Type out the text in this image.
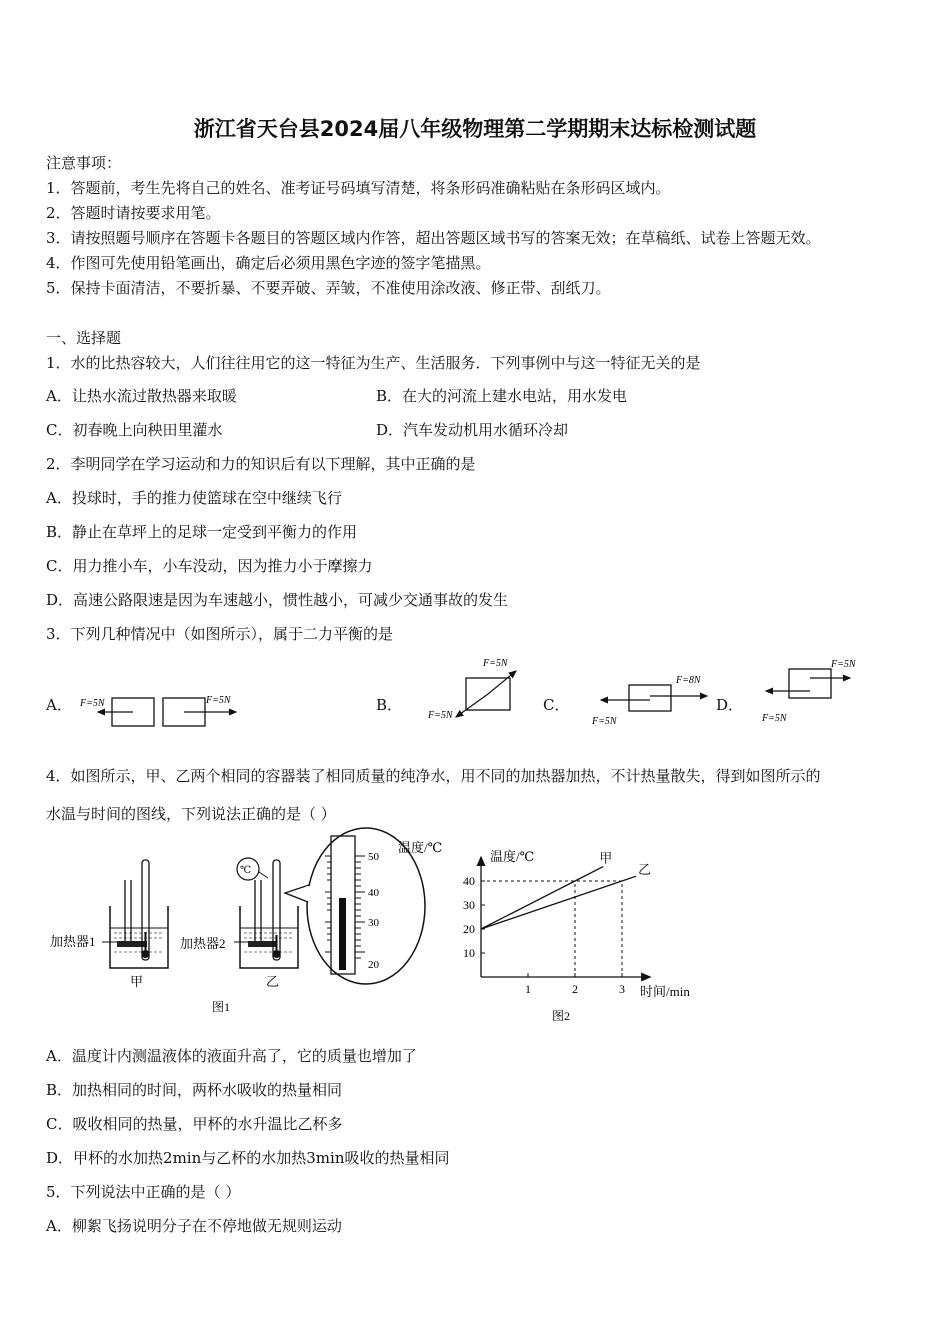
浙江省天台县2024届八年级物理第二学期期末达标检测试题
注意事项：
1．答题前，考生先将自己的姓名、准考证号码填写清楚，将条形码准确粘贴在条形码区域内。
2．答题时请按要求用笔。
3．请按照题号顺序在答题卡各题目的答题区域内作答，超出答题区域书写的答案无效；在草稿纸、试卷上答题无效。
4．作图可先使用铅笔画出，确定后必须用黑色字迹的签字笔描黑。
5．保持卡面清洁，不要折暴、不要弄破、弄皱，不准使用涂改液、修正带、刮纸刀。
一、选择题
1．水的比热容较大，人们往往用它的这一特征为生产、生活服务．下列事例中与这一特征无关的是
A．让热水流过散热器来取暖	B．在大的河流上建水电站，用水发电
C．初春晚上向秧田里灌水	D．汽车发动机用水循环冷却
2．李明同学在学习运动和力的知识后有以下理解，其中正确的是
A．投球时，手的推力使篮球在空中继续飞行
B．静止在草坪上的足球一定受到平衡力的作用
C．用力推小车，小车没动，因为推力小于摩擦力
D．高速公路限速是因为车速越小，惯性越小，可减少交通事故的发生
3．下列几种情况中（如图所示），属于二力平衡的是
A．	B．	C．	D．
F=5N	F=5N
F=5N
F=5N
F=8N
F=5N
F=5N
F=5N
4．如图所示，甲、乙两个相同的容器装了相同质量的纯净水，用不同的加热器加热，不计热量散失，得到如图所示的
水温与时间的图线，下列说法正确的是（ ）
加热器1
甲
℃
加热器2
乙
50
40
30
20
温度/℃
图1
甲
乙
1	2	3
10
20
30
40
温度/℃
时间/min
图2
A．温度计内测温液体的液面升高了，它的质量也增加了
B．加热相同的时间，两杯水吸收的热量相同
C．吸收相同的热量，甲杯的水升温比乙杯多
D．甲杯的水加热2min与乙杯的水加热3min吸收的热量相同
5．下列说法中正确的是（ ）
A．柳絮飞扬说明分子在不停地做无规则运动
